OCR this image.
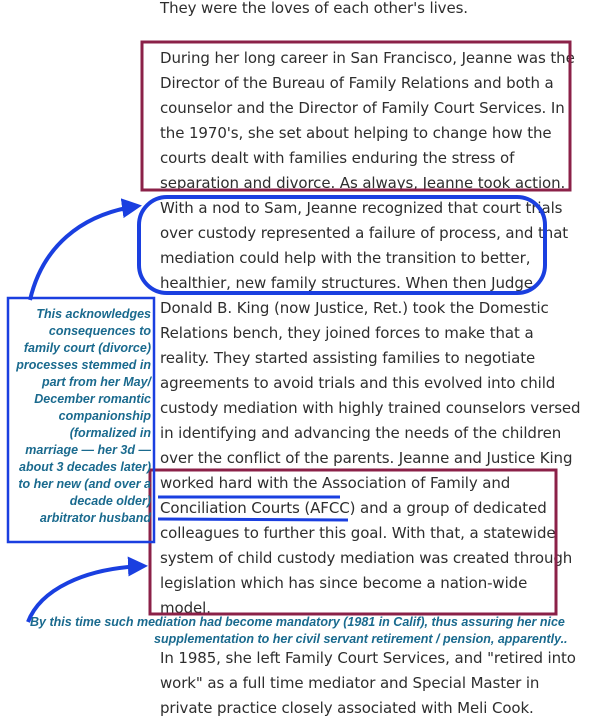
They were the loves of each other's lives.
During her long career in San Francisco, Jeanne was the
Director of the Bureau of Family Relations and both a
counselor and the Director of Family Court Services. In
the 1970's, she set about helping to change how the
courts dealt with families enduring the stress of
separation and divorce. As always, Jeanne took action.
With a nod to Sam, Jeanne recognized that court trials
over custody represented a failure of process, and that
mediation could help with the transition to better,
healthier, new family structures. When then Judge
Donald B. King (now Justice, Ret.) took the Domestic
Relations bench, they joined forces to make that a
reality. They started assisting families to negotiate
agreements to avoid trials and this evolved into child
custody mediation with highly trained counselors versed
in identifying and advancing the needs of the children
over the conflict of the parents. Jeanne and Justice King
worked hard with the Association of Family and
Conciliation Courts (AFCC) and a group of dedicated
colleagues to further this goal. With that, a statewide
system of child custody mediation was created through
legislation which has since become a nation-wide
model.
In 1985, she left Family Court Services, and "retired into
work" as a full time mediator and Special Master in
private practice closely associated with Meli Cook.
This acknowledges
consequences to
family court (divorce)
processes stemmed in
part from her May/
December romantic
companionship
(formalized in
marriage — her 3d —
about 3 decades later)
to her new (and over a
decade older)
arbitrator husband
By this time such mediation had become mandatory (1981 in Calif), thus assuring her nice
supplementation to her civil servant retirement / pension, apparently..
